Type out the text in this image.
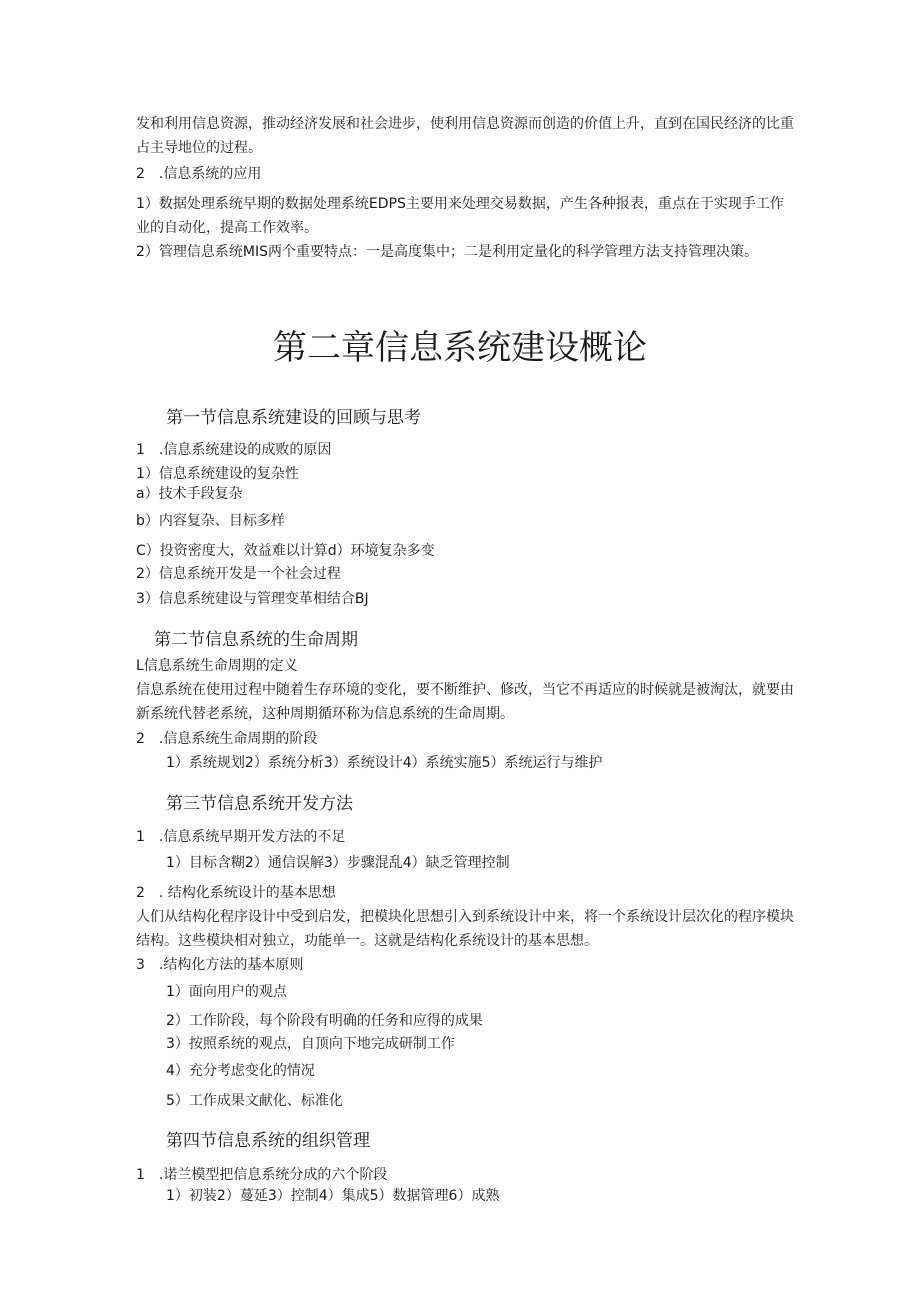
发和利用信息资源，推动经济发展和社会进步，使利用信息资源而创造的价值上升，直到在国民经济的比重占主导地位的过程。

2　.信息系统的应用

1）数据处理系统早期的数据处理系统EDPS主要用来处理交易数据，产生各种报表，重点在于实现手工作业的自动化，提高工作效率。

2）管理信息系统MIS两个重要特点：一是高度集中；二是利用定量化的科学管理方法支持管理决策。

第二章信息系统建设概论
第一节信息系统建设的回顾与思考

1　.信息系统建设的成败的原因

1）信息系统建设的复杂性

a）技术手段复杂

b）内容复杂、目标多样

C）投资密度大，效益难以计算d）环境复杂多变

2）信息系统开发是一个社会过程

3）信息系统建设与管理变革相结合BJ

第二节信息系统的生命周期

L信息系统生命周期的定义

信息系统在使用过程中随着生存环境的变化，要不断维护、修改，当它不再适应的时候就是被淘汰，就要由新系统代替老系统，这种周期循环称为信息系统的生命周期。

2　.信息系统生命周期的阶段

1）系统规划2）系统分析3）系统设计4）系统实施5）系统运行与维护

第三节信息系统开发方法

1　.信息系统早期开发方法的不足

1）目标含糊2）通信误解3）步骤混乱4）缺乏管理控制

2　. 结构化系统设计的基本思想

人们从结构化程序设计中受到启发，把模块化思想引入到系统设计中来，将一个系统设计层次化的程序模块结构。这些模块相对独立，功能单一。这就是结构化系统设计的基本思想。

3　.结构化方法的基本原则

1）面向用户的观点

2）工作阶段，每个阶段有明确的任务和应得的成果

3）按照系统的观点，自顶向下地完成研制工作

4）充分考虑变化的情况

5）工作成果文献化、标准化

第四节信息系统的组织管理

1　.诺兰模型把信息系统分成的六个阶段

1）初装2）蔓延3）控制4）集成5）数据管理6）成熟
